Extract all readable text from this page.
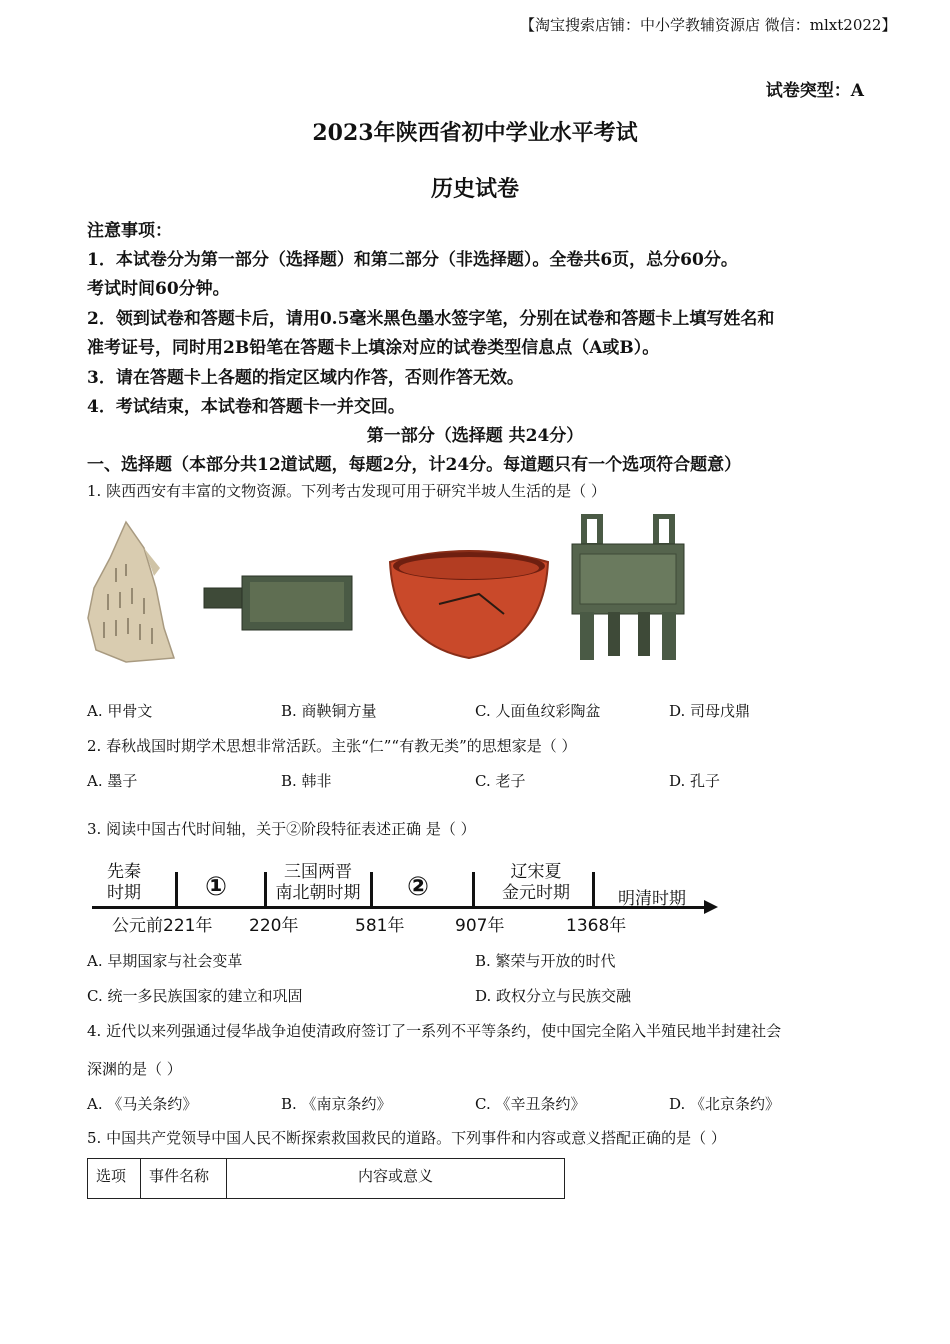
【淘宝搜索店铺：中小学教辅资源店 微信：mlxt2022】
试卷突型：A
2023年陕西省初中学业水平考试
历史试卷
注意事项：
1．本试卷分为第一部分（选择题）和第二部分（非选择题）。全卷共6页，总分60分。
考试时间60分钟。
2．领到试卷和答题卡后，请用0.5毫米黑色墨水签字笔，分别在试卷和答题卡上填写姓名和
准考证号，同时用2B铅笔在答题卡上填涂对应的试卷类型信息点（A或B）。
3．请在答题卡上各题的指定区域内作答，否则作答无效。
4．考试结束，本试卷和答题卡一并交回。
第一部分（选择题 共24分）
一、选择题（本部分共12道试题，每题2分，计24分。每道题只有一个选项符合题意）
1. 陕西西安有丰富的文物资源。下列考古发现可用于研究半坡人生活的是（ ）
A. 甲骨文	B. 商鞅铜方量	C. 人面鱼纹彩陶盆	D. 司母戊鼎
2. 春秋战国时期学术思想非常活跃。主张“仁”“有教无类”的思想家是（ ）
A. 墨子	B. 韩非	C. 老子	D. 孔子
3. 阅读中国古代时间轴，关于②阶段特征表述正确 是（ ）
先秦
时期	①	三国两晋
南北朝时期	②	辽宋夏
金元时期	明清时期
公元前221年 220年	581年	907年	1368年
A. 早期国家与社会变革	B. 繁荣与开放的时代
C. 统一多民族国家的建立和巩固	D. 政权分立与民族交融
4. 近代以来列强通过侵华战争迫使清政府签订了一系列不平等条约，使中国完全陷入半殖民地半封建社会
深渊的是（ ）
A. 《马关条约》	B. 《南京条约》	C. 《辛丑条约》	D. 《北京条约》
5. 中国共产党领导中国人民不断探索救国救民的道路。下列事件和内容或意义搭配正确的是（ ）
选项	事件名称	内容或意义
